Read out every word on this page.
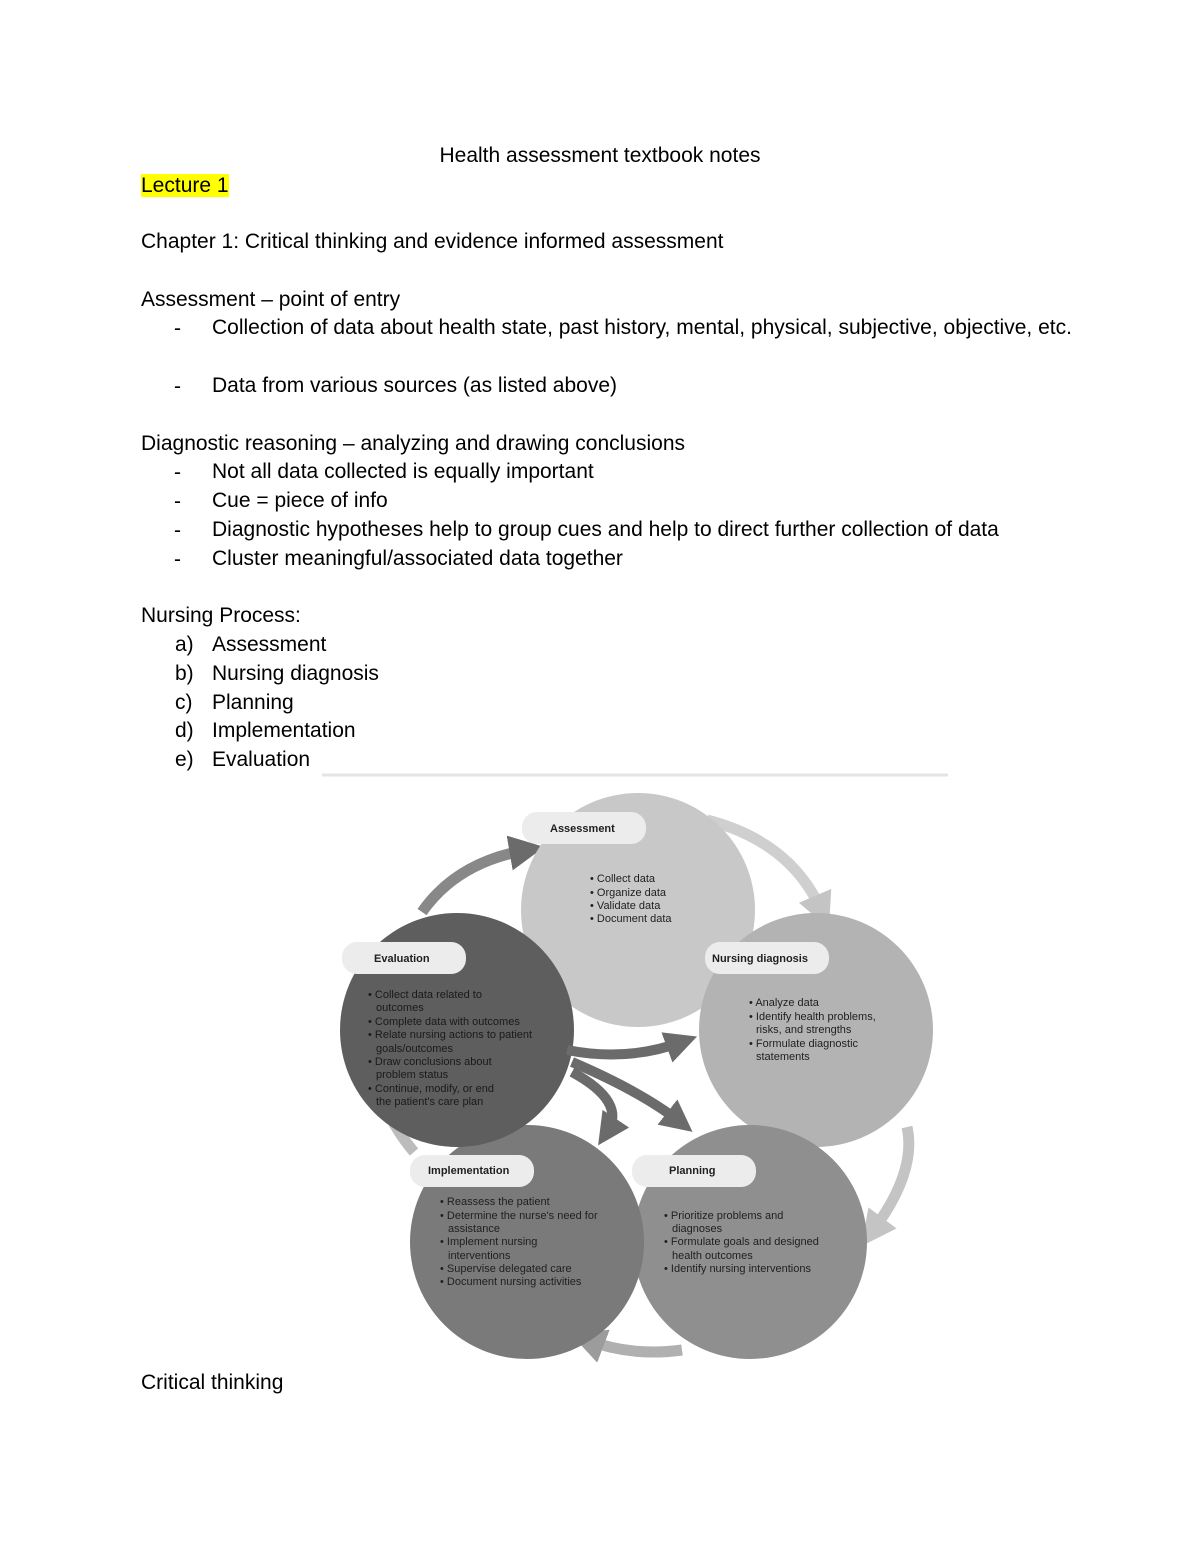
Health assessment textbook notes
Lecture 1
Chapter 1: Critical thinking and evidence informed assessment
Assessment – point of entry
- Collection of data about health state, past history, mental, physical, subjective, objective, etc.
- Data from various sources (as listed above)
Diagnostic reasoning – analyzing and drawing conclusions
- Not all data collected is equally important
- Cue = piece of info
- Diagnostic hypotheses help to group cues and help to direct further collection of data
- Cluster meaningful/associated data together
Nursing Process:
a) Assessment
b) Nursing diagnosis
c) Planning
d) Implementation
e) Evaluation
Assessment
Nursing diagnosis
Planning
Implementation
Evaluation
• Collect data
• Organize data
• Validate data
• Document data
• Analyze data
• Identify health problems,
risks, and strengths
• Formulate diagnostic
statements
• Prioritize problems and
diagnoses
• Formulate goals and designed
health outcomes
• Identify nursing interventions
• Reassess the patient
• Determine the nurse's need for
assistance
• Implement nursing
interventions
• Supervise delegated care
• Document nursing activities
• Collect data related to
outcomes
• Complete data with outcomes
• Relate nursing actions to patient
goals/outcomes
• Draw conclusions about
problem status
• Continue, modify, or end
the patient's care plan
Critical thinking
